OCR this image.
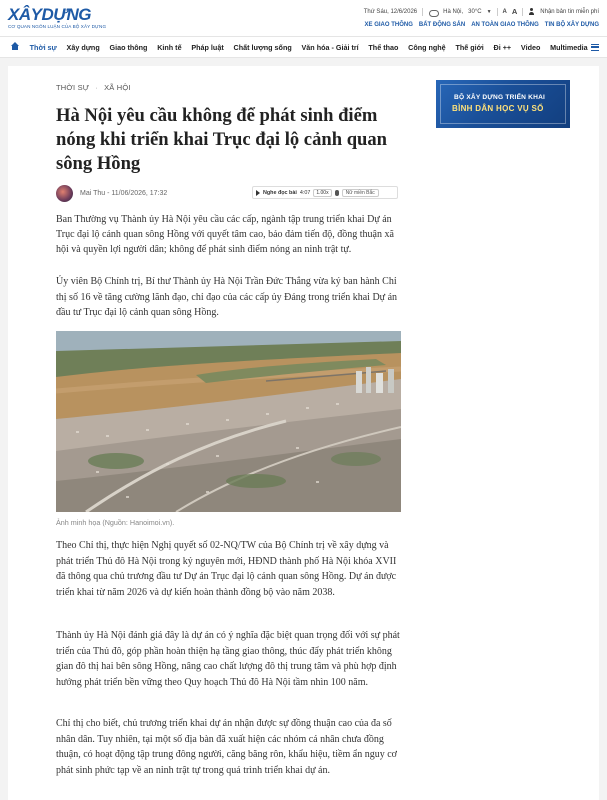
XÂYDỰNG
CƠ QUAN NGÔN LUẬN CỦA BỘ XÂY DỰNG
Thứ Sáu, 12/6/2026	Hà Nội, 30°C ▼ A A	Nhận bản tin miễn phí
XE GIAO THÔNG BẤT ĐỘNG SẢN AN TOÀN GIAO THÔNG TIN BỘ XÂY DỰNG
Thời sự	Xây dựng	Giao thông	Kinh tế	Pháp luật	Chất lượng sống	Văn hóa - Giải trí	Thể thao	Công nghệ	Thế giới	Đi ++	Video	Multimedia
THỜI SỰ · XÃ HỘI
Hà Nội yêu cầu không để phát sinh điểm nóng khi triển khai Trục đại lộ cảnh quan sông Hồng
Mai Thu - 11/06/2026, 17:32	Nghe đọc bài 4:07	1.00x	Nữ miền Bắc

Ban Thường vụ Thành ủy Hà Nội yêu cầu các cấp, ngành tập trung triển khai Dự án Trục đại lộ cảnh quan sông Hồng với quyết tâm cao, bảo đảm tiến độ, đồng thuận xã hội và quyền lợi người dân; không để phát sinh điểm nóng an ninh trật tự.

Ủy viên Bộ Chính trị, Bí thư Thành ủy Hà Nội Trần Đức Thắng vừa ký ban hành Chỉ thị số 16 về tăng cường lãnh đạo, chỉ đạo của các cấp ủy Đảng trong triển khai Dự án đầu tư Trục đại lộ cảnh quan sông Hồng.

Ảnh minh họa (Nguồn: Hanoimoi.vn).

Theo Chỉ thị, thực hiện Nghị quyết số 02-NQ/TW của Bộ Chính trị về xây dựng và phát triển Thủ đô Hà Nội trong kỷ nguyên mới, HĐND thành phố Hà Nội khóa XVII đã thông qua chủ trương đầu tư Dự án Trục đại lộ cảnh quan sông Hồng. Dự án được triển khai từ năm 2026 và dự kiến hoàn thành đồng bộ vào năm 2038.

Thành ủy Hà Nội đánh giá đây là dự án có ý nghĩa đặc biệt quan trọng đối với sự phát triển của Thủ đô, góp phần hoàn thiện hạ tầng giao thông, thúc đẩy phát triển không gian đô thị hai bên sông Hồng, nâng cao chất lượng đô thị trung tâm và phù hợp định hướng phát triển bền vững theo Quy hoạch Thủ đô Hà Nội tầm nhìn 100 năm.

Chỉ thị cho biết, chủ trương triển khai dự án nhận được sự đồng thuận cao của đa số nhân dân. Tuy nhiên, tại một số địa bàn đã xuất hiện các nhóm cá nhân chưa đồng thuận, có hoạt động tập trung đông người, căng băng rôn, khẩu hiệu, tiềm ẩn nguy cơ phát sinh phức tạp về an ninh trật tự trong quá trình triển khai dự án.

BỘ XÂY DỰNG TRIỂN KHAI
BÌNH DÂN HỌC VỤ SỐ
